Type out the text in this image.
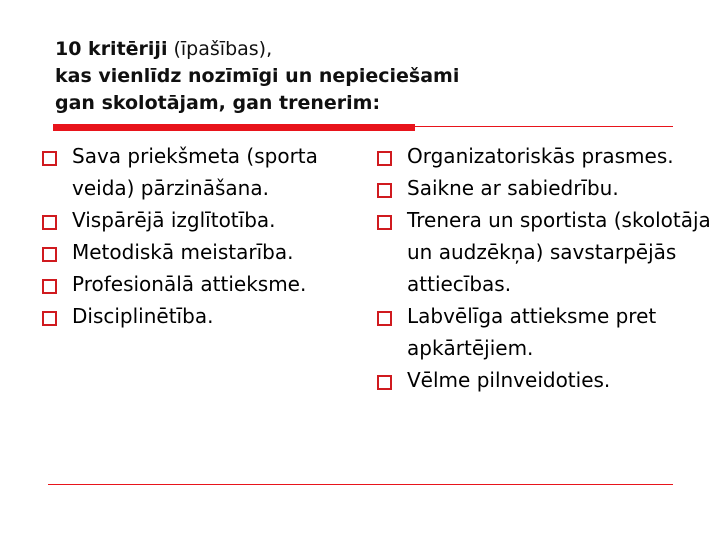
10 kritēriji (īpašības),
kas vienlīdz nozīmīgi un nepieciešami
gan skolotājam, gan trenerim:
Sava priekšmeta (sporta veida) pārzināšana.
Vispārējā izglītotība.
Metodiskā meistarība.
Profesionālā attieksme.
Disciplinētība.
Organizatoriskās prasmes.
Saikne ar sabiedrību.
Trenera un sportista (skolotāja un audzēkņa) savstarpējās attiecības.
Labvēlīga attieksme pret apkārtējiem.
Vēlme pilnveidoties.
